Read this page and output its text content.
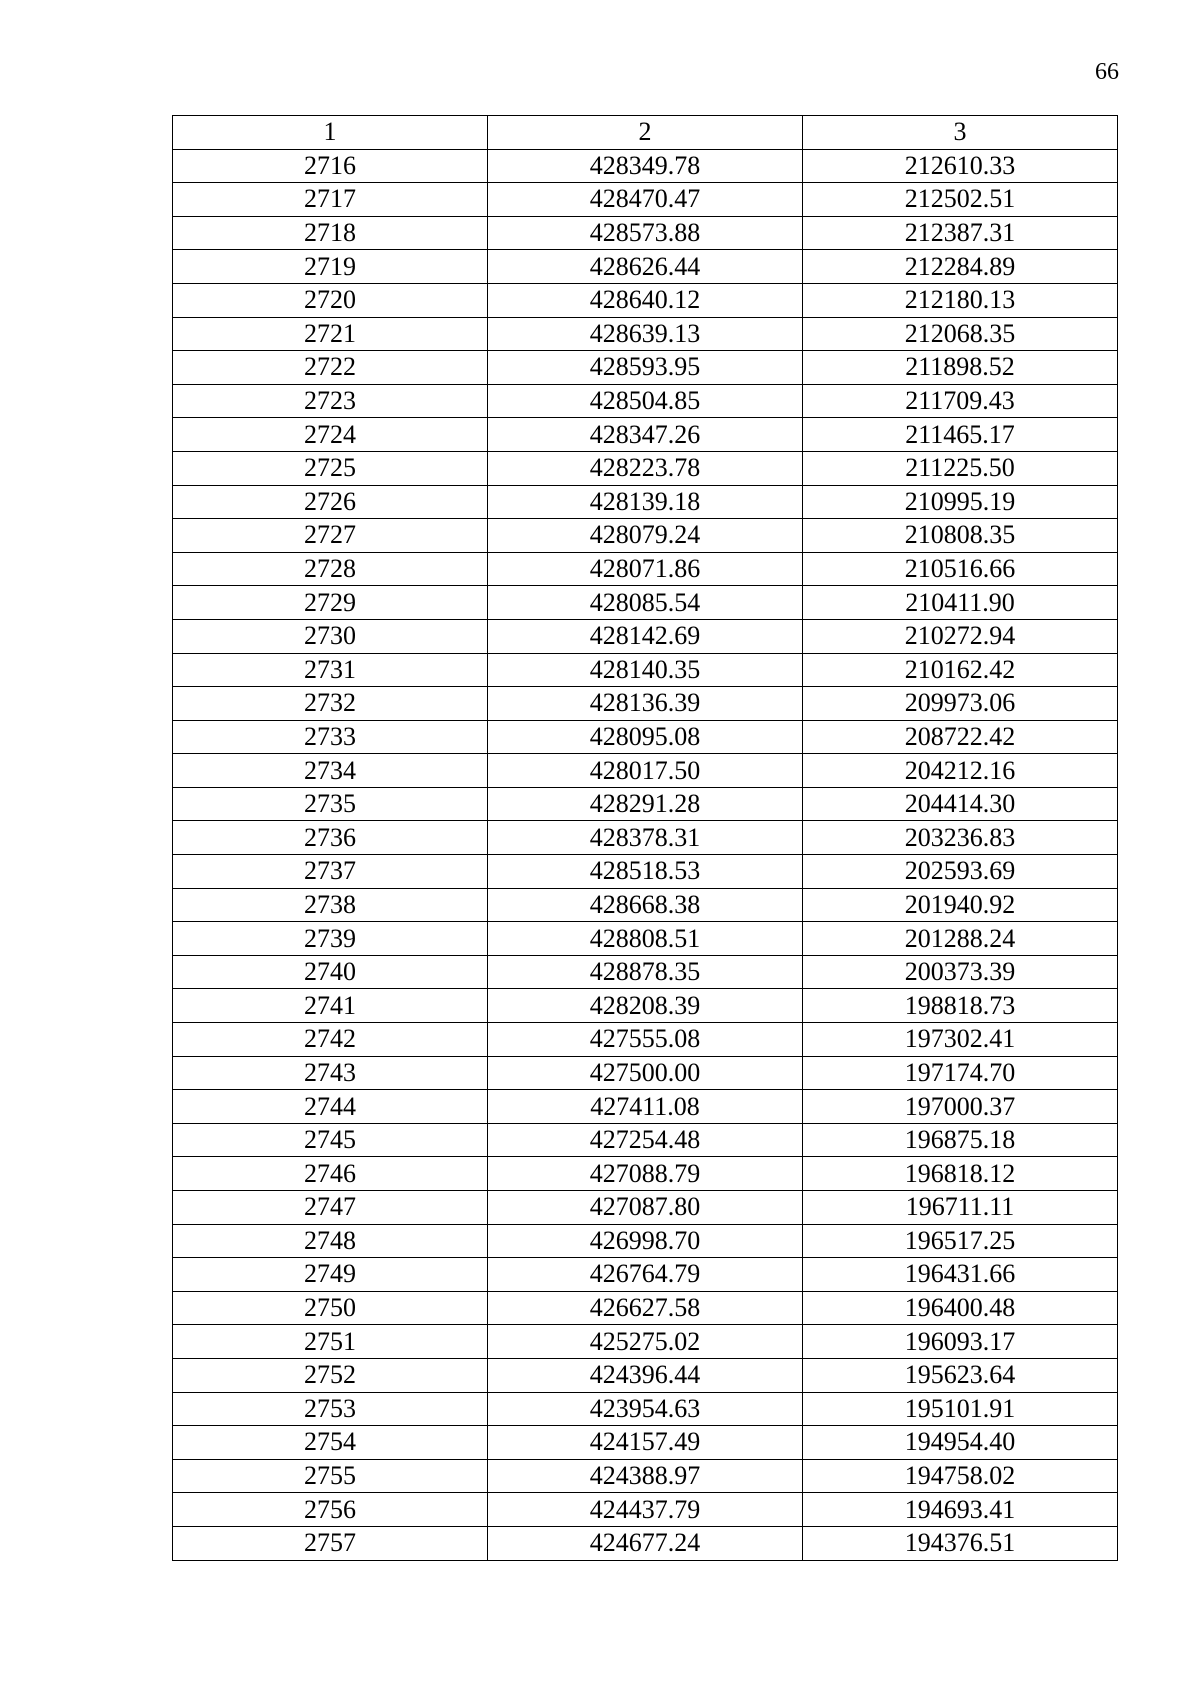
66
1	2	3
2716	428349.78	212610.33
2717	428470.47	212502.51
2718	428573.88	212387.31
2719	428626.44	212284.89
2720	428640.12	212180.13
2721	428639.13	212068.35
2722	428593.95	211898.52
2723	428504.85	211709.43
2724	428347.26	211465.17
2725	428223.78	211225.50
2726	428139.18	210995.19
2727	428079.24	210808.35
2728	428071.86	210516.66
2729	428085.54	210411.90
2730	428142.69	210272.94
2731	428140.35	210162.42
2732	428136.39	209973.06
2733	428095.08	208722.42
2734	428017.50	204212.16
2735	428291.28	204414.30
2736	428378.31	203236.83
2737	428518.53	202593.69
2738	428668.38	201940.92
2739	428808.51	201288.24
2740	428878.35	200373.39
2741	428208.39	198818.73
2742	427555.08	197302.41
2743	427500.00	197174.70
2744	427411.08	197000.37
2745	427254.48	196875.18
2746	427088.79	196818.12
2747	427087.80	196711.11
2748	426998.70	196517.25
2749	426764.79	196431.66
2750	426627.58	196400.48
2751	425275.02	196093.17
2752	424396.44	195623.64
2753	423954.63	195101.91
2754	424157.49	194954.40
2755	424388.97	194758.02
2756	424437.79	194693.41
2757	424677.24	194376.51
